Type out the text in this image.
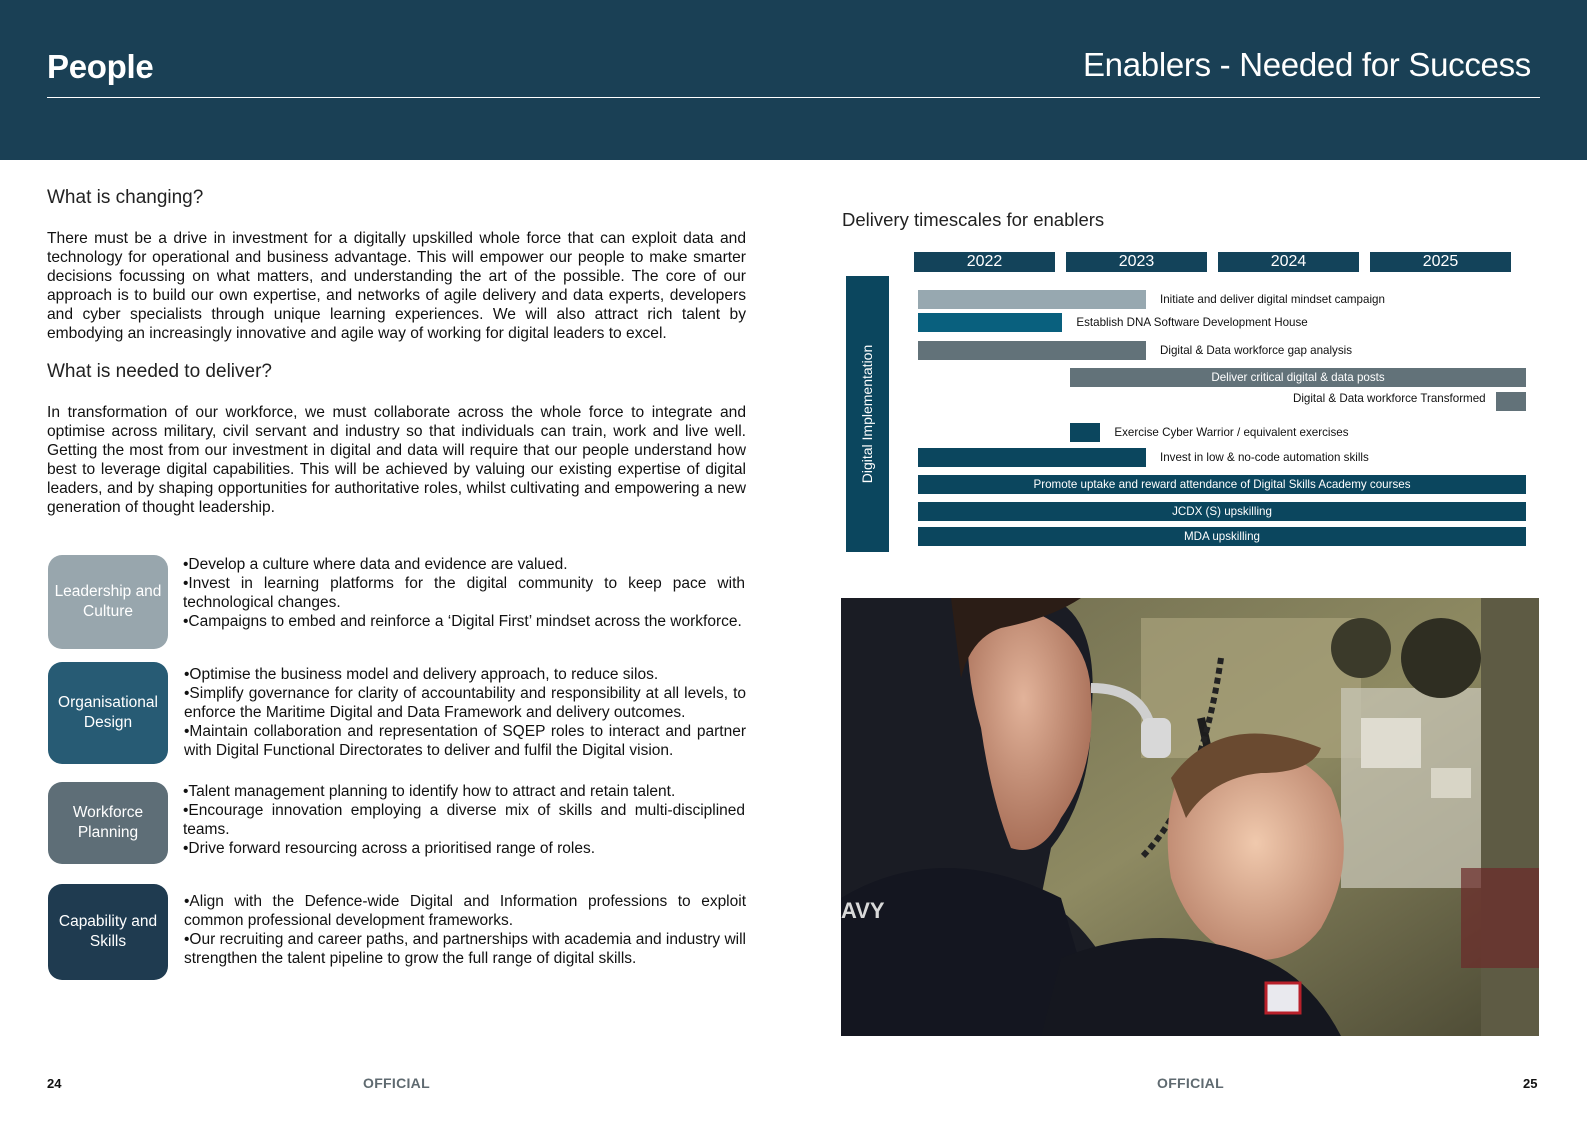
People	Enablers - Needed for Success
What is changing?
There must be a drive in investment for a digitally upskilled whole force that can exploit data and technology for operational and business advantage. This will empower our people to make smarter decisions focussing on what matters, and understanding the art of the possible. The core of our approach is to build our own expertise, and networks of agile delivery and data experts, developers and cyber specialists through unique learning experiences. We will also attract rich talent by embodying an increasingly innovative and agile way of working for digital leaders to excel.
What is needed to deliver?
In transformation of our workforce, we must collaborate across the whole force to integrate and optimise across military, civil servant and industry so that individuals can train, work and live well. Getting the most from our investment in digital and data will require that our people understand how best to leverage digital capabilities. This will be achieved by valuing our existing expertise of digital leaders, and by shaping opportunities for authoritative roles, whilst cultivating and empowering a new generation of thought leadership.
Leadership and Culture
•Develop a culture where data and evidence are valued.
•Invest in learning platforms for the digital community to keep pace with technological changes.
•Campaigns to embed and reinforce a ‘Digital First’ mindset across the workforce.
Organisational Design
•Optimise the business model and delivery approach, to reduce silos.
•Simplify governance for clarity of accountability and responsibility at all levels, to enforce the Maritime Digital and Data Framework and delivery outcomes.
•Maintain collaboration and representation of SQEP roles to interact and partner with Digital Functional Directorates to deliver and fulfil the Digital vision.
Workforce Planning
•Talent management planning to identify how to attract and retain talent.
•Encourage innovation employing a diverse mix of skills and multi-disciplined teams.
•Drive forward resourcing across a prioritised range of roles.
Capability and Skills
•Align with the Defence-wide Digital and Information professions to exploit common professional development frameworks.
•Our recruiting and career paths, and partnerships with academia and industry will strengthen the talent pipeline to grow the full range of digital skills.
Delivery timescales for enablers
Digital Implementation
2022	2023	2024	2025
Initiate and deliver digital mindset campaign
Establish DNA Software Development House
Digital & Data workforce gap analysis
Deliver critical digital & data posts
Digital & Data workforce Transformed
Exercise Cyber Warrior / equivalent exercises
Invest in low & no-code automation skills
Promote uptake and reward attendance of Digital Skills Academy courses
JCDX (S) upskilling
MDA upskilling
AVY
24	OFFICIAL	OFFICIAL	25
